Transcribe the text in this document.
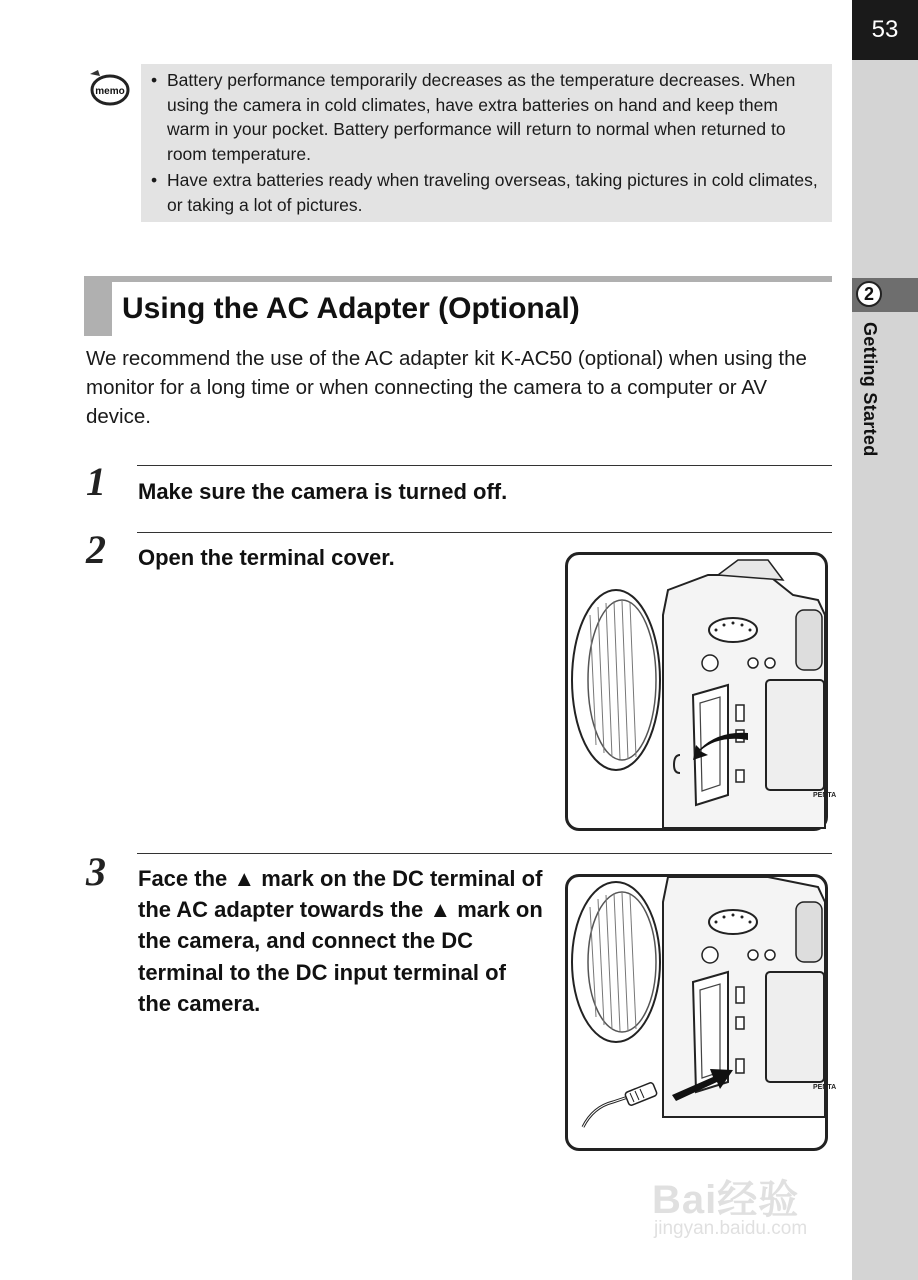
53
2
Getting Started
memo
• Battery performance temporarily decreases as the temperature decreases. When using the camera in cold climates, have extra batteries on hand and keep them warm in your pocket. Battery performance will return to normal when returned to room temperature.
• Have extra batteries ready when traveling overseas, taking pictures in cold climates, or taking a lot of pictures.
Using the AC Adapter (Optional)
We recommend the use of the AC adapter kit K-AC50 (optional) when using the monitor for a long time or when connecting the camera to a computer or AV device.
1 Make sure the camera is turned off.
2 Open the terminal cover.
PENTA
3 Face the ▲ mark on the DC terminal of the AC adapter towards the ▲ mark on the camera, and connect the DC terminal to the DC input terminal of the camera.
PENTA
Bai经验
jingyan.baidu.com
